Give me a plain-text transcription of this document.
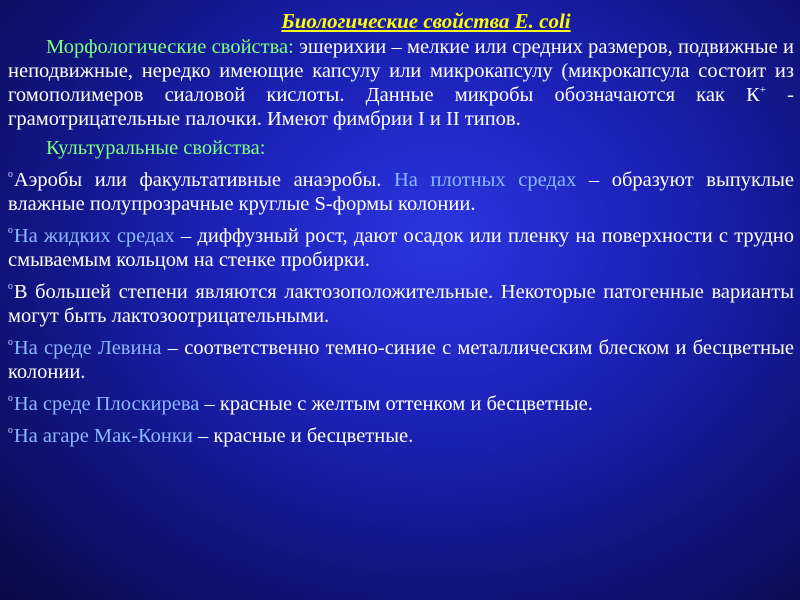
Биологические свойства E. coli

Морфологические свойства: эшерихии – мелкие или средних размеров, подвижные и неподвижные, нередко имеющие капсулу или микрокапсулу (микрокапсула состоит из гомополимеров сиаловой кислоты. Данные микробы обозначаются как К+ - грамотрицательные палочки. Имеют фимбрии I и II типов.

Культуральные свойства:

$^{^0}$Аэробы или факультативные анаэробы. На плотных средах – образуют выпуклые влажные полупрозрачные круглые S-формы колонии.

$^{^0}$На жидких средах – диффузный рост, дают осадок или пленку на поверхности с трудно смываемым кольцом на стенке пробирки.

$^{^0}$В большей степени являются лактозоположительные. Некоторые патогенные варианты могут быть лактозоотрицательными.

$^{^0}$На среде Левина – соответственно темно-синие с металлическим блеском и бесцветные колонии.

$^{^0}$На среде Плоскирева – красные с желтым оттенком и бесцветные.

$^{^0}$На агаре Мак-Конки – красные и бесцветные.
